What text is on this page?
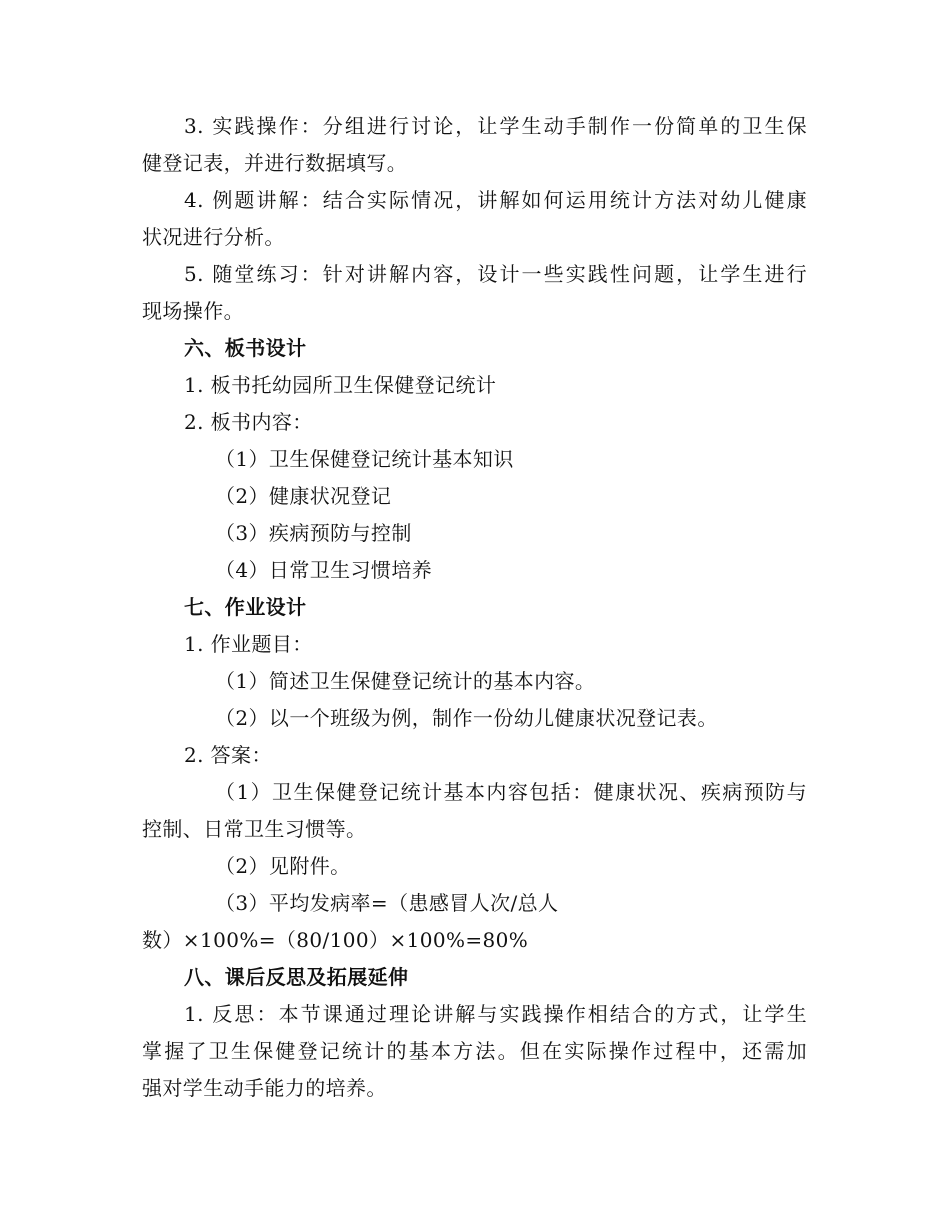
3. 实践操作：分组进行讨论，让学生动手制作一份简单的卫生保
健登记表，并进行数据填写。
4. 例题讲解：结合实际情况，讲解如何运用统计方法对幼儿健康
状况进行分析。
5. 随堂练习：针对讲解内容，设计一些实践性问题，让学生进行
现场操作。
六、板书设计
1. 板书托幼园所卫生保健登记统计
2. 板书内容：
（1）卫生保健登记统计基本知识
（2）健康状况登记
（3）疾病预防与控制
（4）日常卫生习惯培养
七、作业设计
1. 作业题目：
（1）简述卫生保健登记统计的基本内容。
（2）以一个班级为例，制作一份幼儿健康状况登记表。
2. 答案：
（1）卫生保健登记统计基本内容包括：健康状况、疾病预防与
控制、日常卫生习惯等。
（2）见附件。
（3）平均发病率=（患感冒人次/总人
数）×100%=（80/100）×100%=80%
八、课后反思及拓展延伸
1. 反思：本节课通过理论讲解与实践操作相结合的方式，让学生
掌握了卫生保健登记统计的基本方法。但在实际操作过程中，还需加
强对学生动手能力的培养。
